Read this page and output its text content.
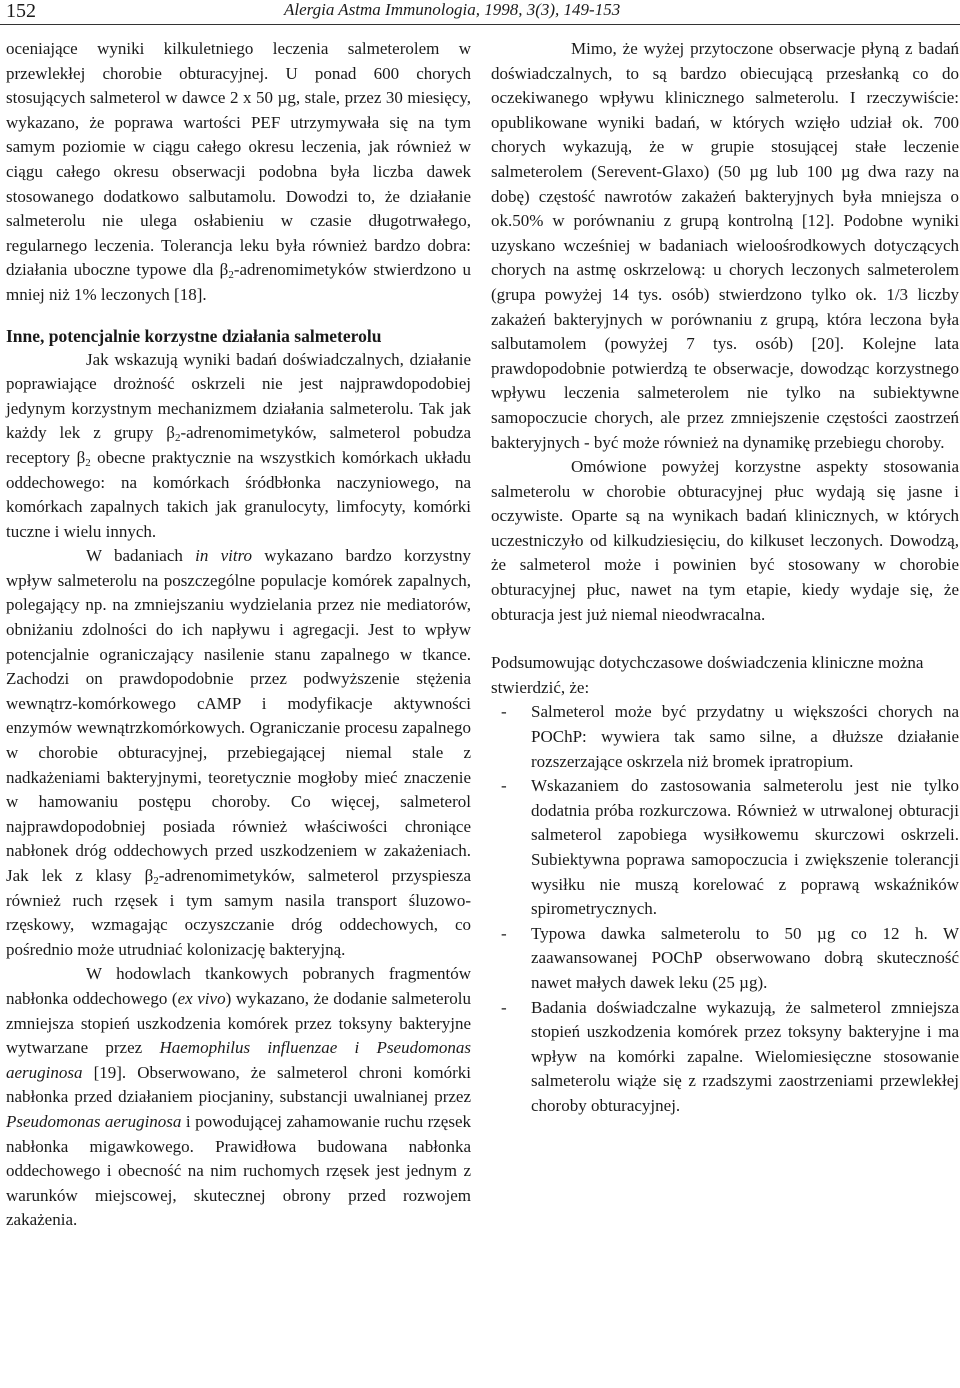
152	Alergia Astma Immunologia, 1998, 3(3), 149-153

oceniające wyniki kilkuletniego leczenia salmeterolem w przewlekłej chorobie obturacyjnej. U ponad 600 chorych stosujących salmeterol w dawce 2 x 50 µg, stale, przez 30 miesięcy, wykazano, że poprawa wartości PEF utrzymywała się na tym samym poziomie w ciągu całego okresu leczenia, jak również w ciągu całego okresu obserwacji podobna była liczba dawek stosowanego dodatkowo salbutamolu. Dowodzi to, że działanie salmeterolu nie ulega osłabieniu w czasie długotrwałego, regularnego leczenia. Tolerancja leku była również bardzo dobra: działania uboczne typowe dla $\beta_2$-adrenomimetyków stwierdzono u mniej niż 1% leczonych [18].

Inne, potencjalnie korzystne działania salmeterolu

Jak wskazują wyniki badań doświadczalnych, działanie poprawiające drożność oskrzeli nie jest najprawdopodobiej jedynym korzystnym mechanizmem działania salmeterolu. Tak jak każdy lek z grupy $\beta_2$-adrenomimetyków, salmeterol pobudza receptory $\beta_2$ obecne praktycznie na wszystkich komórkach układu oddechowego: na komórkach śródbłonka naczyniowego, na komórkach zapalnych takich jak granulocyty, limfocyty, komórki tuczne i wielu innych.

W badaniach in vitro wykazano bardzo korzystny wpływ salmeterolu na poszczególne populacje komórek zapalnych, polegający np. na zmniejszaniu wydzielania przez nie mediatorów, obniżaniu zdolności do ich napływu i agregacji. Jest to wpływ potencjalnie ograniczający nasilenie stanu zapalnego w tkance. Zachodzi on prawdopodobnie przez podwyższenie stężenia wewnątrz-komórkowego cAMP i modyfikacje aktywności enzymów wewnątrzkomórkowych. Ograniczanie procesu zapalnego w chorobie obturacyjnej, przebiegającej niemal stale z nadkażeniami bakteryjnymi, teoretycznie mogłoby mieć znaczenie w hamowaniu postępu choroby. Co więcej, salmeterol najprawdopodobniej posiada również właściwości chroniące nabłonek dróg oddechowych przed uszkodzeniem w zakażeniach. Jak lek z klasy $\beta_2$-adrenomimetyków, salmeterol przyspiesza również ruch rzęsek i tym samym nasila transport śluzowo-rzęskowy, wzmagając oczyszczanie dróg oddechowych, co pośrednio może utrudniać kolonizację bakteryjną.

W hodowlach tkankowych pobranych fragmentów nabłonka oddechowego (ex vivo) wykazano, że dodanie salmeterolu zmniejsza stopień uszkodzenia komórek przez toksyny bakteryjne wytwarzane przez Haemophilus influenzae i Pseudomonas aeruginosa [19]. Obserwowano, że salmeterol chroni komórki nabłonka przed działaniem piocjaniny, substancji uwalnianej przez Pseudomonas aeruginosa i powodującej zahamowanie ruchu rzęsek nabłonka migawkowego. Prawidłowa budowana nabłonka oddechowego i obecność na nim ruchomych rzęsek jest jednym z warunków miejscowej, skutecznej obrony przed rozwojem zakażenia.

Mimo, że wyżej przytoczone obserwacje płyną z badań doświadczalnych, to są bardzo obiecującą przesłanką co do oczekiwanego wpływu klinicznego salmeterolu. I rzeczywiście: opublikowane wyniki badań, w których wzięło udział ok. 700 chorych wykazują, że w grupie stosującej stałe leczenie salmeterolem (Serevent-Glaxo) (50 µg lub 100 µg dwa razy na dobę) częstość nawrotów zakażeń bakteryjnych była mniejsza o ok.50% w porównaniu z grupą kontrolną [12]. Podobne wyniki uzyskano wcześniej w badaniach wieloośrodkowych dotyczących chorych na astmę oskrzelową: u chorych leczonych salmeterolem (grupa powyżej 14 tys. osób) stwierdzono tylko ok. 1/3 liczby zakażeń bakteryjnych w porównaniu z grupą, która leczona była salbutamolem (powyżej 7 tys. osób) [20]. Kolejne lata prawdopodobnie potwierdzą te obserwacje, dowodząc korzystnego wpływu leczenia salmeterolem nie tylko na subiektywne samopoczucie chorych, ale przez zmniejszenie częstości zaostrzeń bakteryjnych - być może również na dynamikę przebiegu choroby.

Omówione powyżej korzystne aspekty stosowania salmeterolu w chorobie obturacyjnej płuc wydają się jasne i oczywiste. Oparte są na wynikach badań klinicznych, w których uczestniczyło od kilkudziesięciu, do kilkuset leczonych. Dowodzą, że salmeterol może i powinien być stosowany w chorobie obturacyjnej płuc, nawet na tym etapie, kiedy wydaje się, że obturacja jest już niemal nieodwracalna.

Podsumowując dotychczasowe doświadczenia kliniczne można stwierdzić, że:

- Salmeterol może być przydatny u większości chorych na POChP: wywiera tak samo silne, a dłuższe działanie rozszerzające oskrzela niż bromek ipratropium.
- Wskazaniem do zastosowania salmeterolu jest nie tylko dodatnia próba rozkurczowa. Również w utrwalonej obturacji salmeterol zapobiega wysiłkowemu skurczowi oskrzeli. Subiektywna poprawa samopoczucia i zwiększenie tolerancji wysiłku nie muszą korelować z poprawą wskaźników spirometrycznych.
- Typowa dawka salmeterolu to 50 µg co 12 h. W zaawansowanej POChP obserwowano dobrą skuteczność nawet małych dawek leku (25 µg).
- Badania doświadczalne wykazują, że salmeterol zmniejsza stopień uszkodzenia komórek przez toksyny bakteryjne i ma wpływ na komórki zapalne. Wielomiesięczne stosowanie salmeterolu wiąże się z rzadszymi zaostrzeniami przewlekłej choroby obturacyjnej.
